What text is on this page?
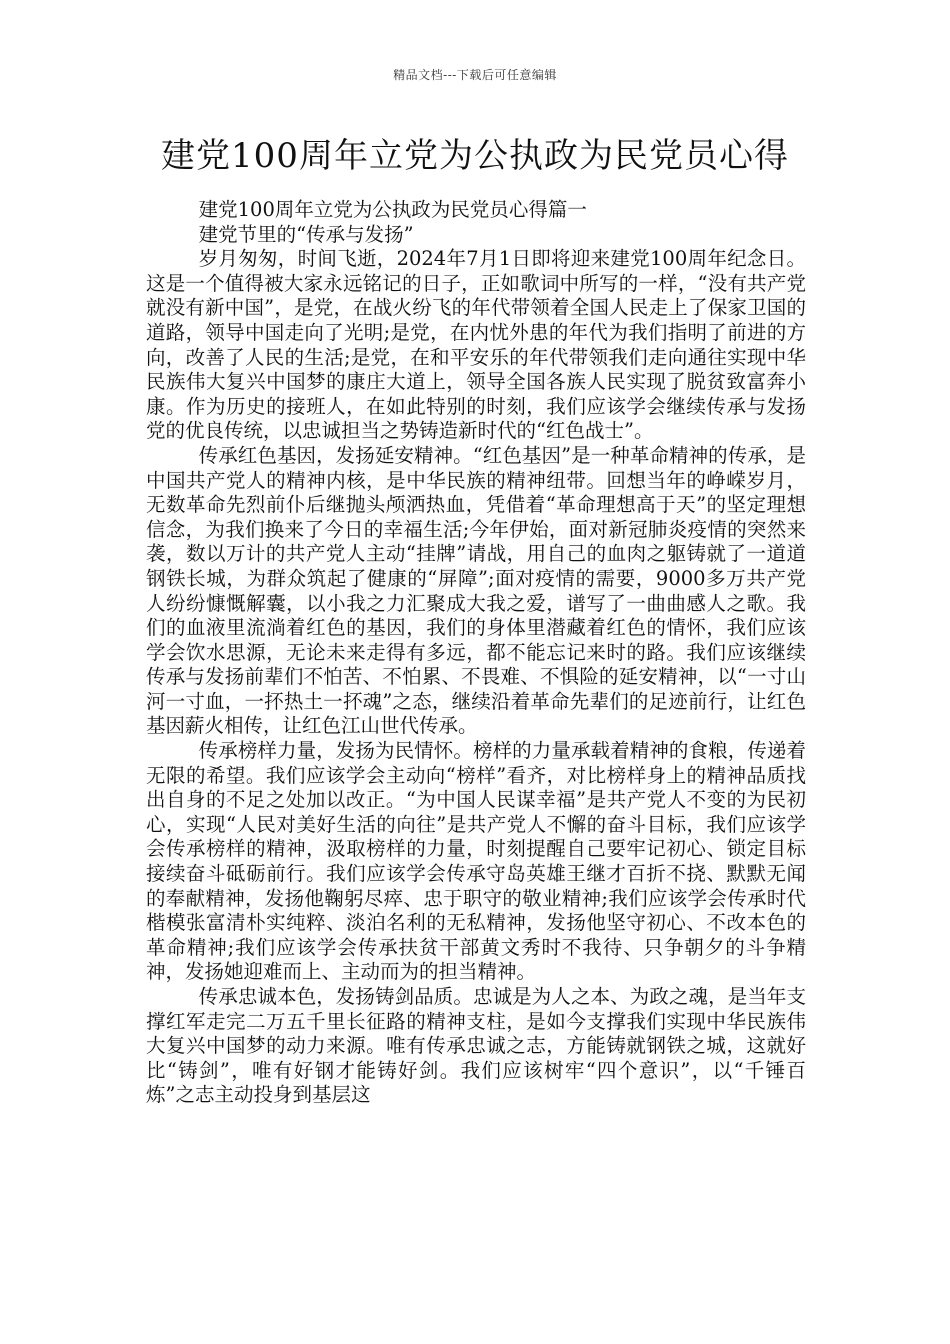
精品文档---下载后可任意编辑
建党100周年立党为公执政为民党员心得

建党100周年立党为公执政为民党员心得篇一

建党节里的“传承与发扬”

岁月匆匆，时间飞逝，2024年7月1日即将迎来建党100周年纪念日。这是一个值得被大家永远铭记的日子，正如歌词中所写的一样，“没有共产党就没有新中国”，是党，在战火纷飞的年代带领着全国人民走上了保家卫国的道路，领导中国走向了光明;是党，在内忧外患的年代为我们指明了前进的方向，改善了人民的生活;是党，在和平安乐的年代带领我们走向通往实现中华民族伟大复兴中国梦的康庄大道上，领导全国各族人民实现了脱贫致富奔小康。作为历史的接班人，在如此特别的时刻，我们应该学会继续传承与发扬党的优良传统，以忠诚担当之势铸造新时代的“红色战士”。

传承红色基因，发扬延安精神。“红色基因”是一种革命精神的传承，是中国共产党人的精神内核，是中华民族的精神纽带。回想当年的峥嵘岁月，无数革命先烈前仆后继抛头颅洒热血，凭借着“革命理想高于天”的坚定理想信念，为我们换来了今日的幸福生活;今年伊始，面对新冠肺炎疫情的突然来袭，数以万计的共产党人主动“挂牌”请战，用自己的血肉之躯铸就了一道道钢铁长城，为群众筑起了健康的“屏障”;面对疫情的需要，9000多万共产党人纷纷慷慨解囊，以小我之力汇聚成大我之爱，谱写了一曲曲感人之歌。我们的血液里流淌着红色的基因，我们的身体里潜藏着红色的情怀，我们应该学会饮水思源，无论未来走得有多远，都不能忘记来时的路。我们应该继续传承与发扬前辈们不怕苦、不怕累、不畏难、不惧险的延安精神，以“一寸山河一寸血，一抔热土一抔魂”之态，继续沿着革命先辈们的足迹前行，让红色基因薪火相传，让红色江山世代传承。

传承榜样力量，发扬为民情怀。榜样的力量承载着精神的食粮，传递着无限的希望。我们应该学会主动向“榜样”看齐，对比榜样身上的精神品质找出自身的不足之处加以改正。“为中国人民谋幸福”是共产党人不变的为民初心，实现“人民对美好生活的向往”是共产党人不懈的奋斗目标，我们应该学会传承榜样的精神，汲取榜样的力量，时刻提醒自己要牢记初心、锁定目标接续奋斗砥砺前行。我们应该学会传承守岛英雄王继才百折不挠、默默无闻的奉献精神，发扬他鞠躬尽瘁、忠于职守的敬业精神;我们应该学会传承时代楷模张富清朴实纯粹、淡泊名利的无私精神，发扬他坚守初心、不改本色的革命精神;我们应该学会传承扶贫干部黄文秀时不我待、只争朝夕的斗争精神，发扬她迎难而上、主动而为的担当精神。

传承忠诚本色，发扬铸剑品质。忠诚是为人之本、为政之魂，是当年支撑红军走完二万五千里长征路的精神支柱，是如今支撑我们实现中华民族伟大复兴中国梦的动力来源。唯有传承忠诚之志，方能铸就钢铁之城，这就好比“铸剑”，唯有好钢才能铸好剑。我们应该树牢“四个意识”，以“千锤百炼”之志主动投身到基层这
